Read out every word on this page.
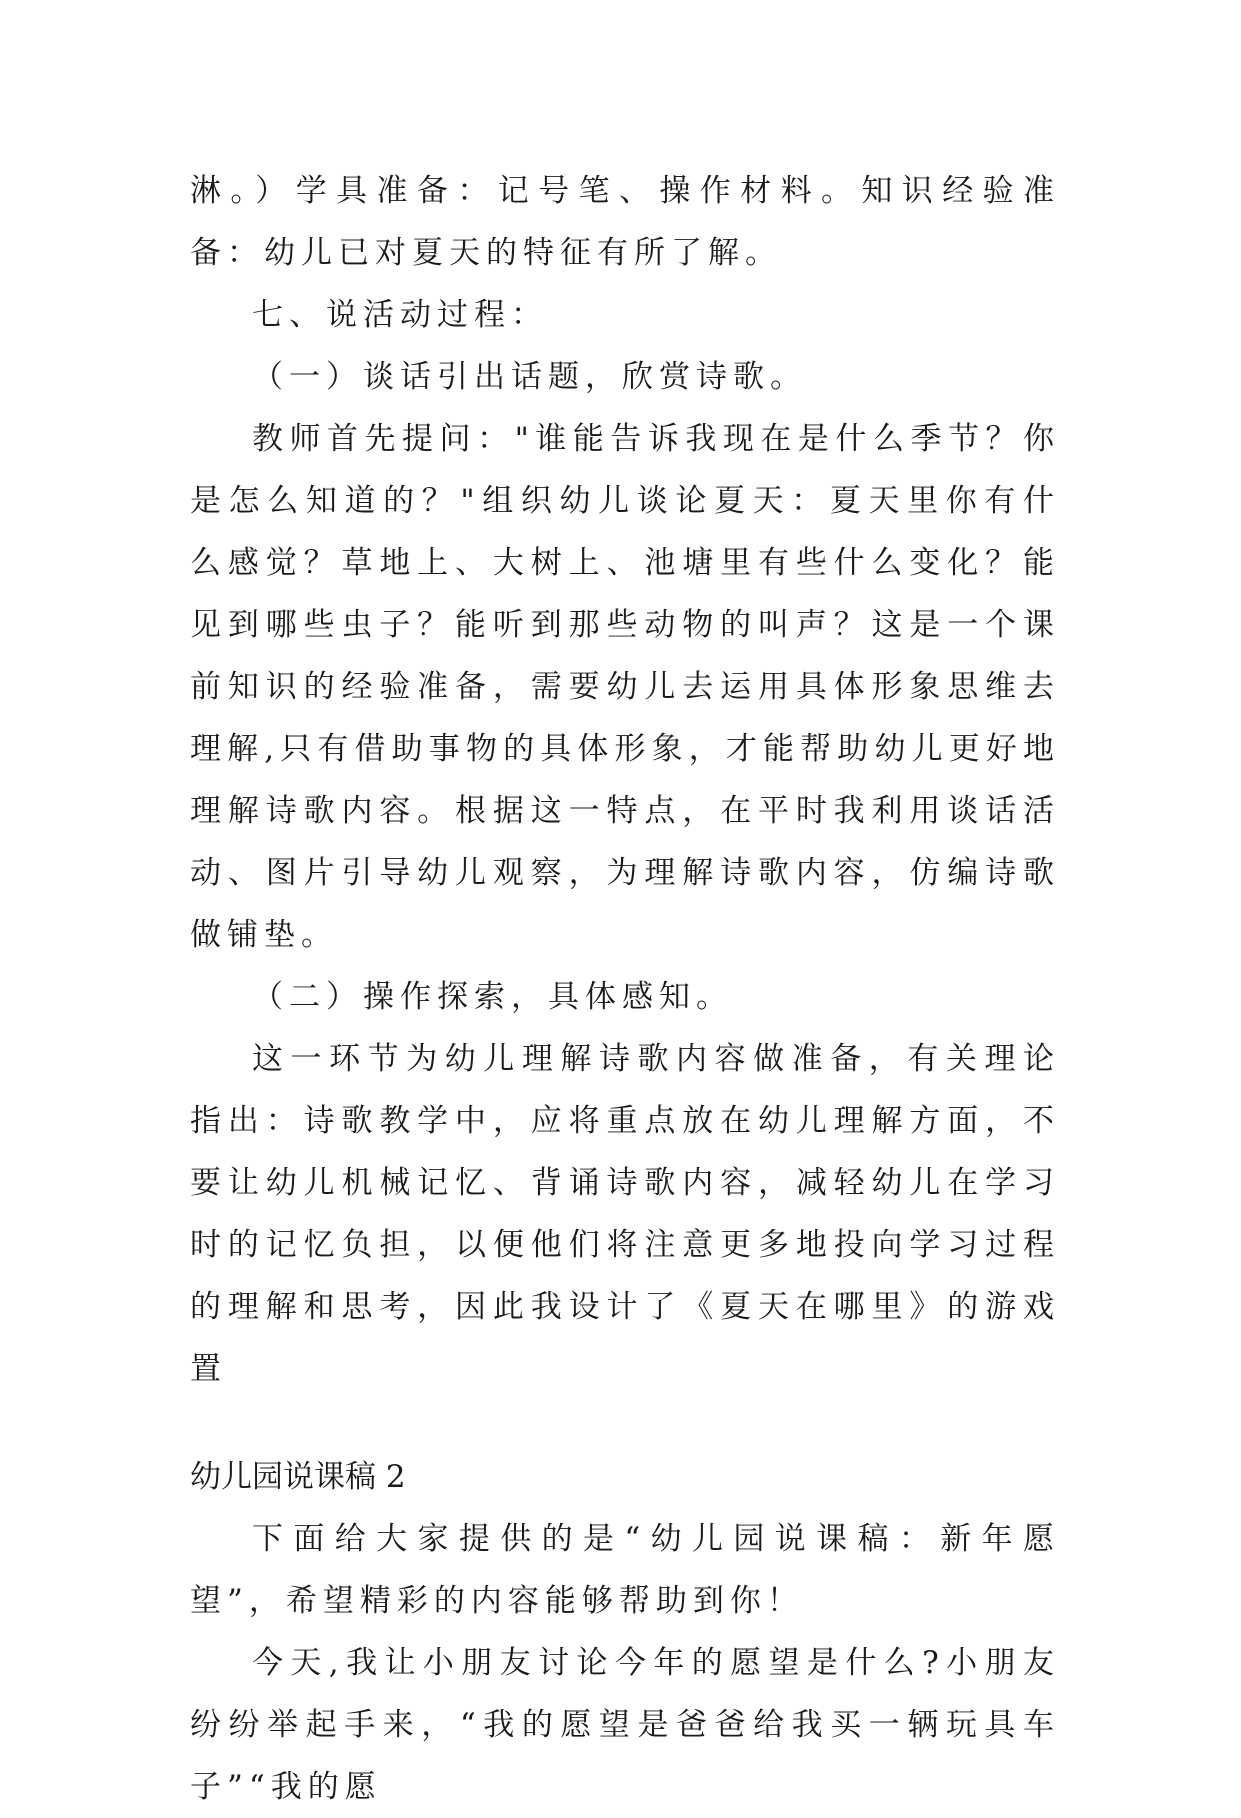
淋。）学具准备：记号笔、操作材料。知识经验准备：幼儿已对夏天的特征有所了解。

七、说活动过程：

（一）谈话引出话题，欣赏诗歌。

教师首先提问："谁能告诉我现在是什么季节？你是怎么知道的？"组织幼儿谈论夏天：夏天里你有什么感觉？草地上、大树上、池塘里有些什么变化？能见到哪些虫子？能听到那些动物的叫声？这是一个课前知识的经验准备，需要幼儿去运用具体形象思维去理解,只有借助事物的具体形象，才能帮助幼儿更好地理解诗歌内容。根据这一特点，在平时我利用谈话活动、图片引导幼儿观察，为理解诗歌内容，仿编诗歌做铺垫。

（二）操作探索，具体感知。

这一环节为幼儿理解诗歌内容做准备，有关理论指出：诗歌教学中，应将重点放在幼儿理解方面，不要让幼儿机械记忆、背诵诗歌内容，减轻幼儿在学习时的记忆负担，以便他们将注意更多地投向学习过程的理解和思考，因此我设计了《夏天在哪里》的游戏置

幼儿园说课稿 2

下面给大家提供的是“幼儿园说课稿：新年愿望”，希望精彩的内容能够帮助到你！

今天,我让小朋友讨论今年的愿望是什么?小朋友纷纷举起手来，“我的愿望是爸爸给我买一辆玩具车子”“我的愿
